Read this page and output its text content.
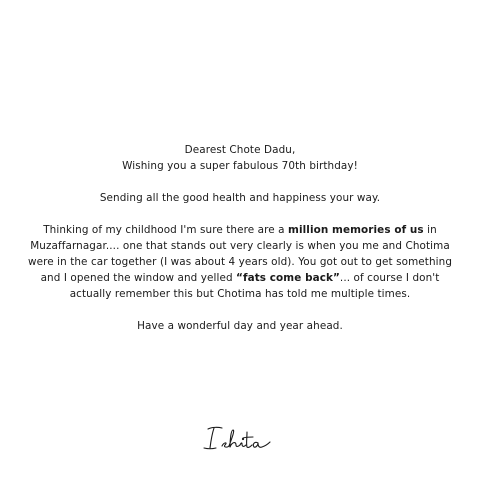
Dearest Chote Dadu,

Wishing you a super fabulous 70th birthday!

Sending all the good health and happiness your way.

Thinking of my childhood I'm sure there are a million memories of us in Muzaffarnagar.... one that stands out very clearly is when you me and Chotima were in the car together (I was about 4 years old). You got out to get something and I opened the window and yelled “fats come back”... of course I don't actually remember this but Chotima has told me multiple times.

Have a wonderful day and year ahead.
